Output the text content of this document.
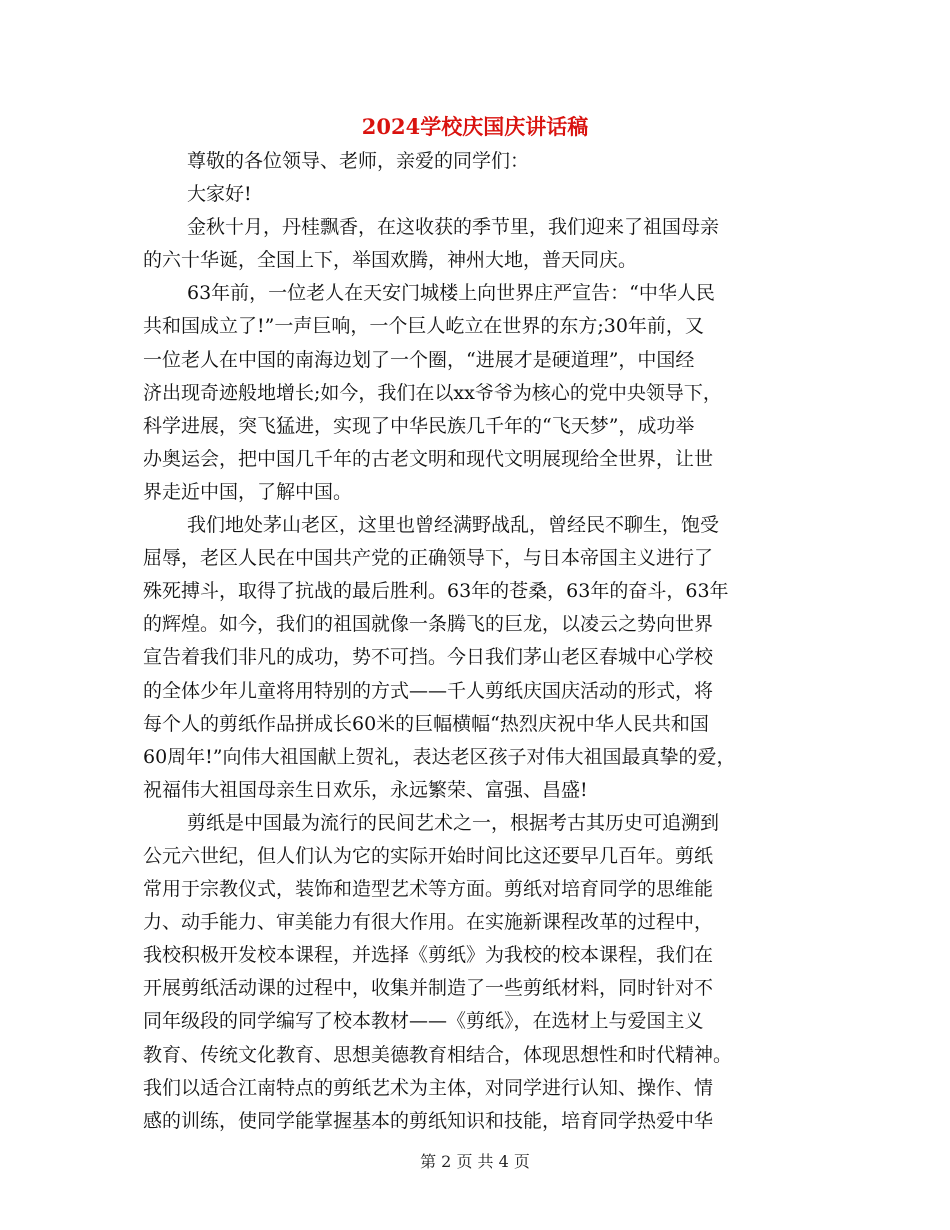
2024学校庆国庆讲话稿
尊敬的各位领导、老师，亲爱的同学们：
大家好!
金秋十月，丹桂飘香，在这收获的季节里，我们迎来了祖国母亲
的六十华诞，全国上下，举国欢腾，神州大地，普天同庆。
63年前，一位老人在天安门城楼上向世界庄严宣告：“中华人民
共和国成立了!”一声巨响，一个巨人屹立在世界的东方;30年前，又
一位老人在中国的南海边划了一个圈，“进展才是硬道理”，中国经
济出现奇迹般地增长;如今，我们在以xx爷爷为核心的党中央领导下，
科学进展，突飞猛进，实现了中华民族几千年的“飞天梦”，成功举
办奥运会，把中国几千年的古老文明和现代文明展现给全世界，让世
界走近中国，了解中国。
我们地处茅山老区，这里也曾经满野战乱，曾经民不聊生，饱受
屈辱，老区人民在中国共产党的正确领导下，与日本帝国主义进行了
殊死搏斗，取得了抗战的最后胜利。63年的苍桑，63年的奋斗，63年
的辉煌。如今，我们的祖国就像一条腾飞的巨龙，以凌云之势向世界
宣告着我们非凡的成功，势不可挡。今日我们茅山老区春城中心学校
的全体少年儿童将用特别的方式——千人剪纸庆国庆活动的形式，将
每个人的剪纸作品拼成长60米的巨幅横幅“热烈庆祝中华人民共和国
60周年!”向伟大祖国献上贺礼，表达老区孩子对伟大祖国最真挚的爱，
祝福伟大祖国母亲生日欢乐，永远繁荣、富强、昌盛!
剪纸是中国最为流行的民间艺术之一，根据考古其历史可追溯到
公元六世纪，但人们认为它的实际开始时间比这还要早几百年。剪纸
常用于宗教仪式，装饰和造型艺术等方面。剪纸对培育同学的思维能
力、动手能力、审美能力有很大作用。在实施新课程改革的过程中，
我校积极开发校本课程，并选择《剪纸》为我校的校本课程，我们在
开展剪纸活动课的过程中，收集并制造了一些剪纸材料，同时针对不
同年级段的同学编写了校本教材——《剪纸》，在选材上与爱国主义
教育、传统文化教育、思想美德教育相结合，体现思想性和时代精神。
我们以适合江南特点的剪纸艺术为主体，对同学进行认知、操作、情
感的训练，使同学能掌握基本的剪纸知识和技能，培育同学热爱中华
第 2 页 共 4 页
